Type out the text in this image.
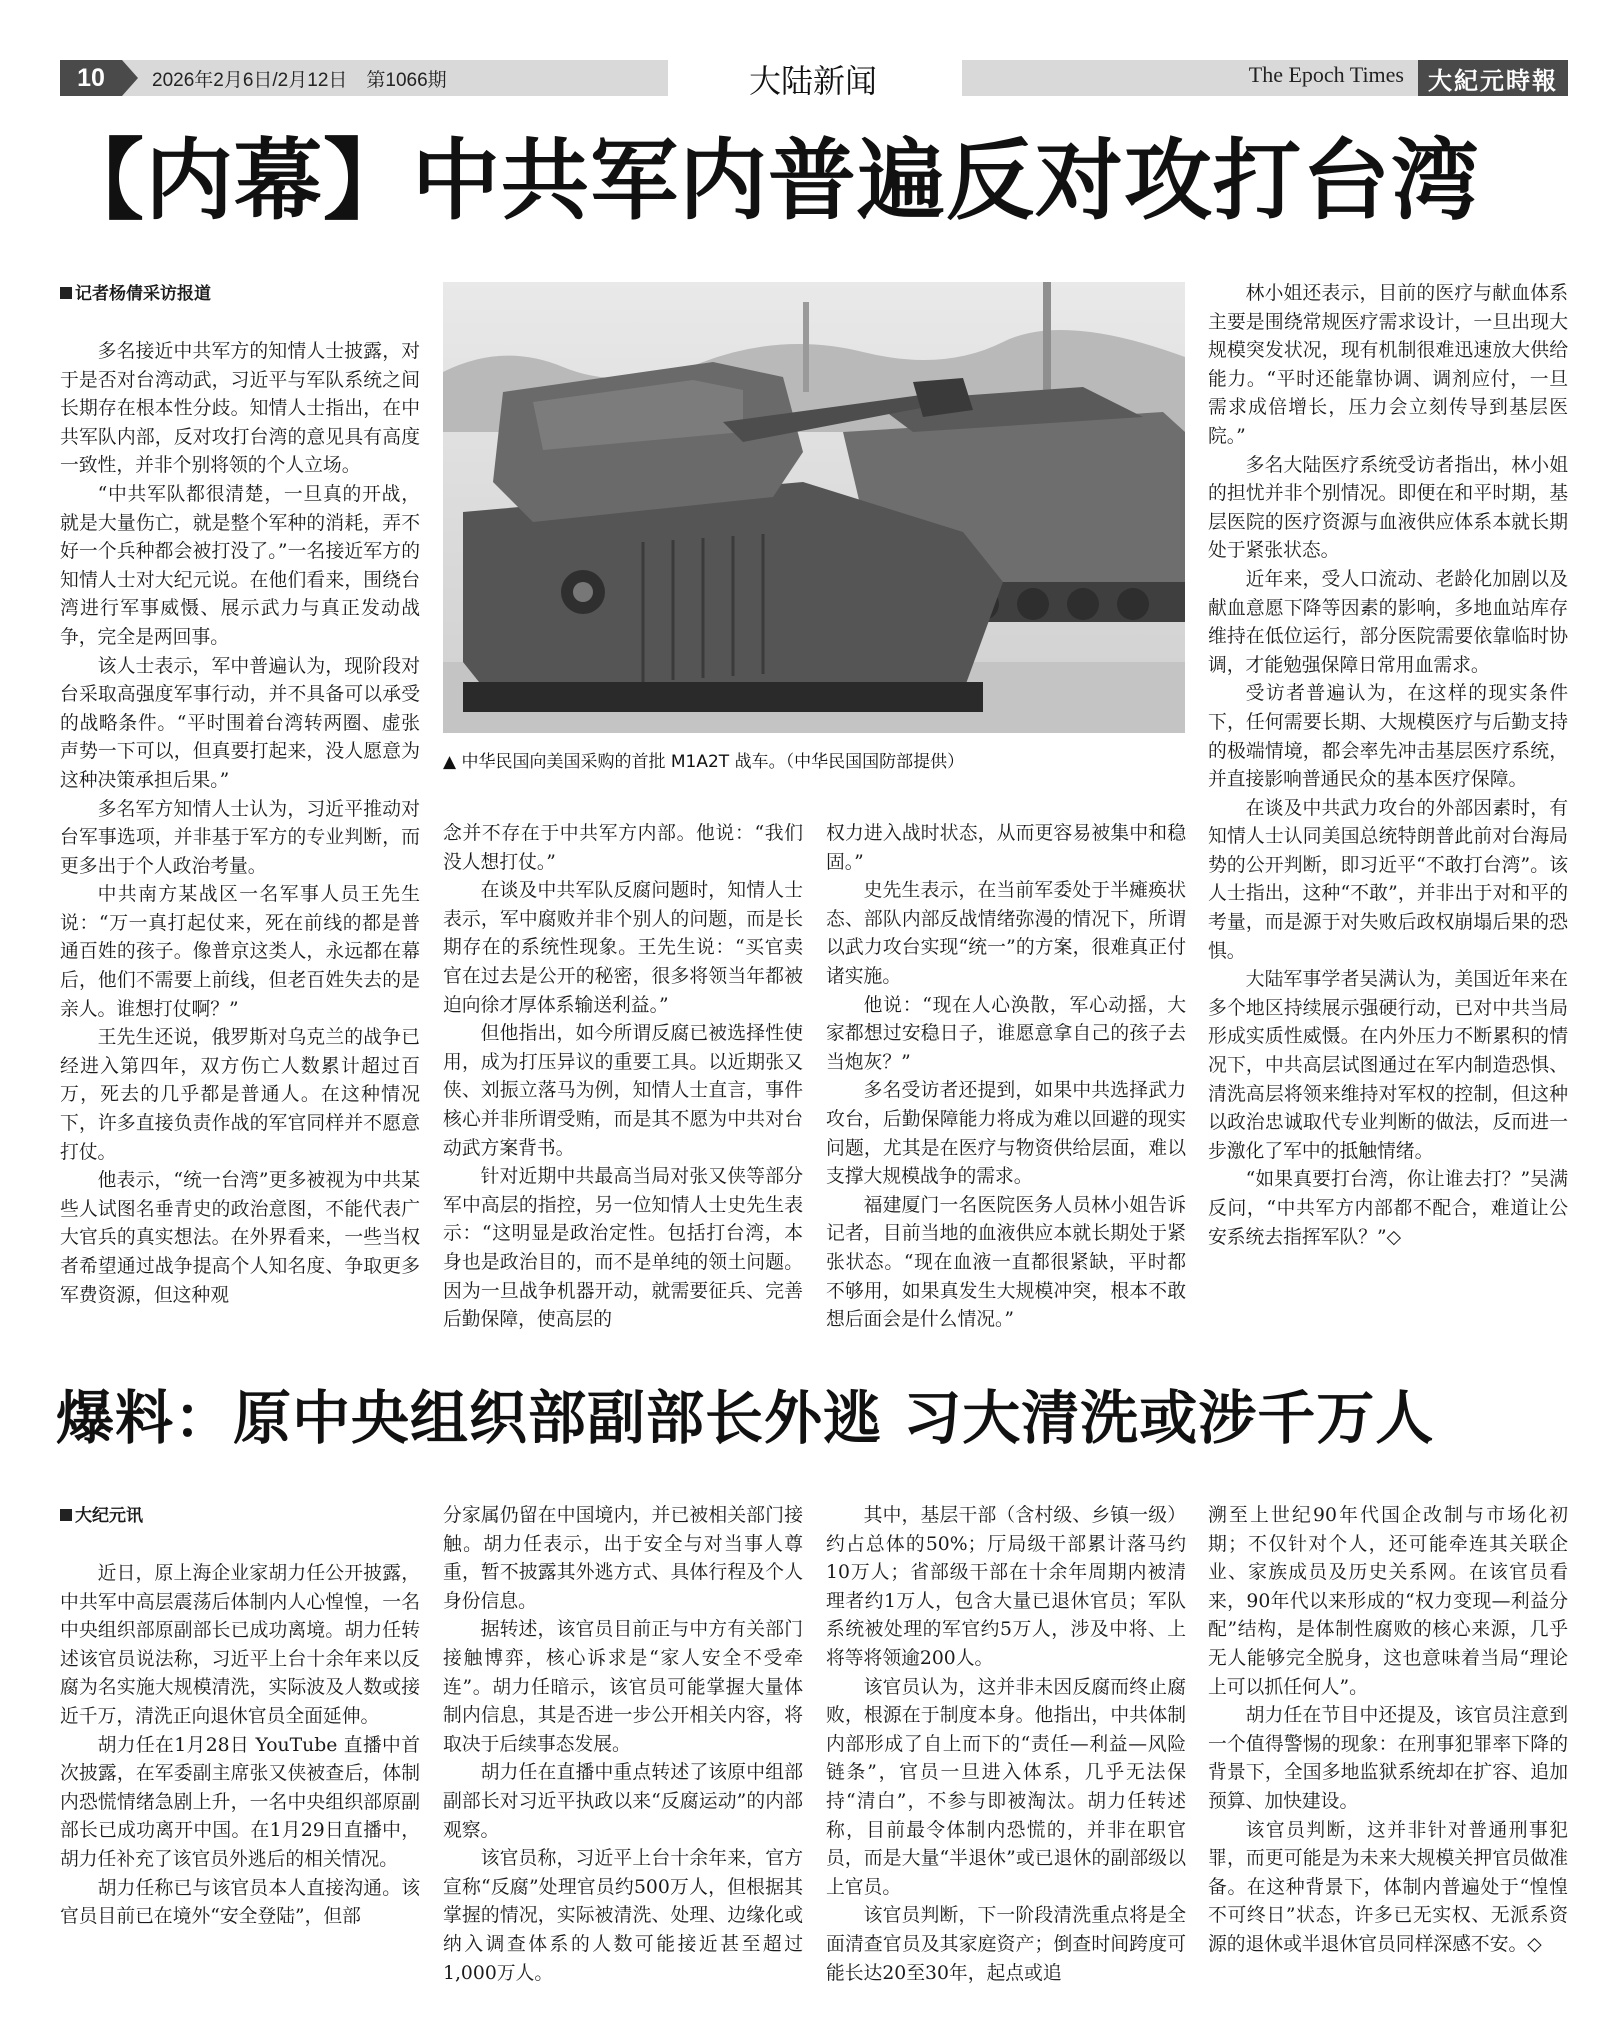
10	2026年2月6日/2月12日　第1066期	大陆新闻	The Epoch Times	大紀元時報
【内幕】中共军内普遍反对攻打台湾
记者杨倩采访报道

多名接近中共军方的知情人士披露，对于是否对台湾动武，习近平与军队系统之间长期存在根本性分歧。知情人士指出，在中共军队内部，反对攻打台湾的意见具有高度一致性，并非个别将领的个人立场。

“中共军队都很清楚，一旦真的开战，就是大量伤亡，就是整个军种的消耗，弄不好一个兵种都会被打没了。”一名接近军方的知情人士对大纪元说。在他们看来，围绕台湾进行军事威慑、展示武力与真正发动战争，完全是两回事。

该人士表示，军中普遍认为，现阶段对台采取高强度军事行动，并不具备可以承受的战略条件。“平时围着台湾转两圈、虚张声势一下可以，但真要打起来，没人愿意为这种决策承担后果。”

多名军方知情人士认为，习近平推动对台军事选项，并非基于军方的专业判断，而更多出于个人政治考量。

中共南方某战区一名军事人员王先生说：“万一真打起仗来，死在前线的都是普通百姓的孩子。像普京这类人，永远都在幕后，他们不需要上前线，但老百姓失去的是亲人。谁想打仗啊？”

王先生还说，俄罗斯对乌克兰的战争已经进入第四年，双方伤亡人数累计超过百万，死去的几乎都是普通人。在这种情况下，许多直接负责作战的军官同样并不愿意打仗。

他表示，“统一台湾”更多被视为中共某些人试图名垂青史的政治意图，不能代表广大官兵的真实想法。在外界看来，一些当权者希望通过战争提高个人知名度、争取更多军费资源，但这种观

▲ 中华民国向美国采购的首批 M1A2T 战车。（中华民国国防部提供）

念并不存在于中共军方内部。他说：“我们没人想打仗。”

在谈及中共军队反腐问题时，知情人士表示，军中腐败并非个别人的问题，而是长期存在的系统性现象。王先生说：“买官卖官在过去是公开的秘密，很多将领当年都被迫向徐才厚体系输送利益。”

但他指出，如今所谓反腐已被选择性使用，成为打压异议的重要工具。以近期张又侠、刘振立落马为例，知情人士直言，事件核心并非所谓受贿，而是其不愿为中共对台动武方案背书。

针对近期中共最高当局对张又侠等部分军中高层的指控，另一位知情人士史先生表示：“这明显是政治定性。包括打台湾，本身也是政治目的，而不是单纯的领土问题。因为一旦战争机器开动，就需要征兵、完善后勤保障，使高层的

权力进入战时状态，从而更容易被集中和稳固。”

史先生表示，在当前军委处于半瘫痪状态、部队内部反战情绪弥漫的情况下，所谓以武力攻台实现“统一”的方案，很难真正付诸实施。

他说：“现在人心涣散，军心动摇，大家都想过安稳日子，谁愿意拿自己的孩子去当炮灰？”

多名受访者还提到，如果中共选择武力攻台，后勤保障能力将成为难以回避的现实问题，尤其是在医疗与物资供给层面，难以支撑大规模战争的需求。

福建厦门一名医院医务人员林小姐告诉记者，目前当地的血液供应本就长期处于紧张状态。“现在血液一直都很紧缺，平时都不够用，如果真发生大规模冲突，根本不敢想后面会是什么情况。”

林小姐还表示，目前的医疗与献血体系主要是围绕常规医疗需求设计，一旦出现大规模突发状况，现有机制很难迅速放大供给能力。“平时还能靠协调、调剂应付，一旦需求成倍增长，压力会立刻传导到基层医院。”

多名大陆医疗系统受访者指出，林小姐的担忧并非个别情况。即便在和平时期，基层医院的医疗资源与血液供应体系本就长期处于紧张状态。

近年来，受人口流动、老龄化加剧以及献血意愿下降等因素的影响，多地血站库存维持在低位运行，部分医院需要依靠临时协调，才能勉强保障日常用血需求。

受访者普遍认为，在这样的现实条件下，任何需要长期、大规模医疗与后勤支持的极端情境，都会率先冲击基层医疗系统，并直接影响普通民众的基本医疗保障。

在谈及中共武力攻台的外部因素时，有知情人士认同美国总统特朗普此前对台海局势的公开判断，即习近平“不敢打台湾”。该人士指出，这种“不敢”，并非出于对和平的考量，而是源于对失败后政权崩塌后果的恐惧。

大陆军事学者吴满认为，美国近年来在多个地区持续展示强硬行动，已对中共当局形成实质性威慑。在内外压力不断累积的情况下，中共高层试图通过在军内制造恐惧、清洗高层将领来维持对军权的控制，但这种以政治忠诚取代专业判断的做法，反而进一步激化了军中的抵触情绪。

“如果真要打台湾，你让谁去打？”吴满反问，“中共军方内部都不配合，难道让公安系统去指挥军队？”◇

爆料：原中央组织部副部长外逃 习大清洗或涉千万人
大纪元讯

近日，原上海企业家胡力任公开披露，中共军中高层震荡后体制内人心惶惶，一名中央组织部原副部长已成功离境。胡力任转述该官员说法称，习近平上台十余年来以反腐为名实施大规模清洗，实际波及人数或接近千万，清洗正向退休官员全面延伸。

胡力任在1月28日 YouTube 直播中首次披露，在军委副主席张又侠被查后，体制内恐慌情绪急剧上升，一名中央组织部原副部长已成功离开中国。在1月29日直播中，胡力任补充了该官员外逃后的相关情况。

胡力任称已与该官员本人直接沟通。该官员目前已在境外“安全登陆”，但部

分家属仍留在中国境内，并已被相关部门接触。胡力任表示，出于安全与对当事人尊重，暂不披露其外逃方式、具体行程及个人身份信息。

据转述，该官员目前正与中方有关部门接触博弈，核心诉求是“家人安全不受牵连”。胡力任暗示，该官员可能掌握大量体制内信息，其是否进一步公开相关内容，将取决于后续事态发展。

胡力任在直播中重点转述了该原中组部副部长对习近平执政以来“反腐运动”的内部观察。

该官员称，习近平上台十余年来，官方宣称“反腐”处理官员约500万人，但根据其掌握的情况，实际被清洗、处理、边缘化或纳入调查体系的人数可能接近甚至超过1,000万人。

其中，基层干部（含村级、乡镇一级）约占总体的50%；厅局级干部累计落马约10万人；省部级干部在十余年周期内被清理者约1万人，包含大量已退休官员；军队系统被处理的军官约5万人，涉及中将、上将等将领逾200人。

该官员认为，这并非未因反腐而终止腐败，根源在于制度本身。他指出，中共体制内部形成了自上而下的“责任—利益—风险链条”，官员一旦进入体系，几乎无法保持“清白”，不参与即被淘汰。胡力任转述称，目前最令体制内恐慌的，并非在职官员，而是大量“半退休”或已退休的副部级以上官员。

该官员判断，下一阶段清洗重点将是全面清查官员及其家庭资产；倒查时间跨度可能长达20至30年，起点或追

溯至上世纪90年代国企改制与市场化初期；不仅针对个人，还可能牵连其关联企业、家族成员及历史关系网。在该官员看来，90年代以来形成的“权力变现—利益分配”结构，是体制性腐败的核心来源，几乎无人能够完全脱身，这也意味着当局“理论上可以抓任何人”。

胡力任在节目中还提及，该官员注意到一个值得警惕的现象：在刑事犯罪率下降的背景下，全国多地监狱系统却在扩容、追加预算、加快建设。

该官员判断，这并非针对普通刑事犯罪，而更可能是为未来大规模关押官员做准备。在这种背景下，体制内普遍处于“惶惶不可终日”状态，许多已无实权、无派系资源的退休或半退休官员同样深感不安。◇
